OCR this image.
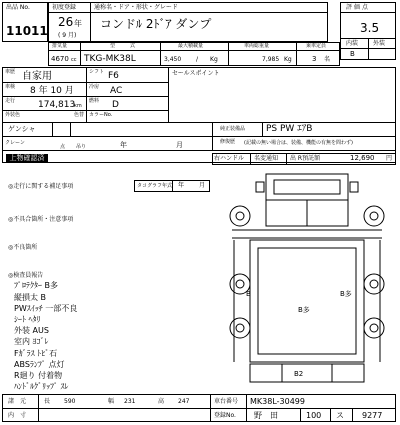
出品 No.
11011
初度登録	通称名・ドア・形状・グレード
26 年
( 9 月)
コンドﾙ 2ﾄﾞｱ ダンプ
評 価 点
3.5
内装 外装
B
排気量	型　　　式	最大積載量	車両総重量	乗車定員
4670 cc TKG-MK38L	3,450 /　　Kg	7,985 Kg	3 名
車歴 自家用	シフト F6	セールスポイント
車検 8 年 10 月	冷房 AC
走行	174,813
km
燃料 D
外装色	色替 カラーNo.
ゲンシャ	純正装備品 PS PW ｴｱB
修復歴 (記載の無い場合は、装備、機能の有無を問わず)
クレーン
点 吊り	年	月
上物確認済	右ハンドル 名変通知 出 R預託額	12,690 円
◎走行に関する補足事項	タコグラフ年式 年 月
◎不具合箇所・注意事項
◎不良箇所
◎検査員報告
ﾌﾟﾛﾃｸﾀｰ B多
縦損太 B
PWｽｲｯﾁ 一部不良
ｼｰﾄ ﾍﾀﾘ
外装 AUS
室内 ﾖｺﾞﾚ
Fｶﾞﾗｽ ﾄﾋﾞ石
ABSﾗﾝﾌﾟ 点灯
R廻り 付着物
ﾊﾝﾄﾞﾙｸﾞﾘｯﾌﾟ ｽﾚ
B	B多
B多
B2
諸　元	長 590	幅 231	高 247	車台番号 MK38L-30499
内　寸	登録No. 野　田	100 ス 9277
